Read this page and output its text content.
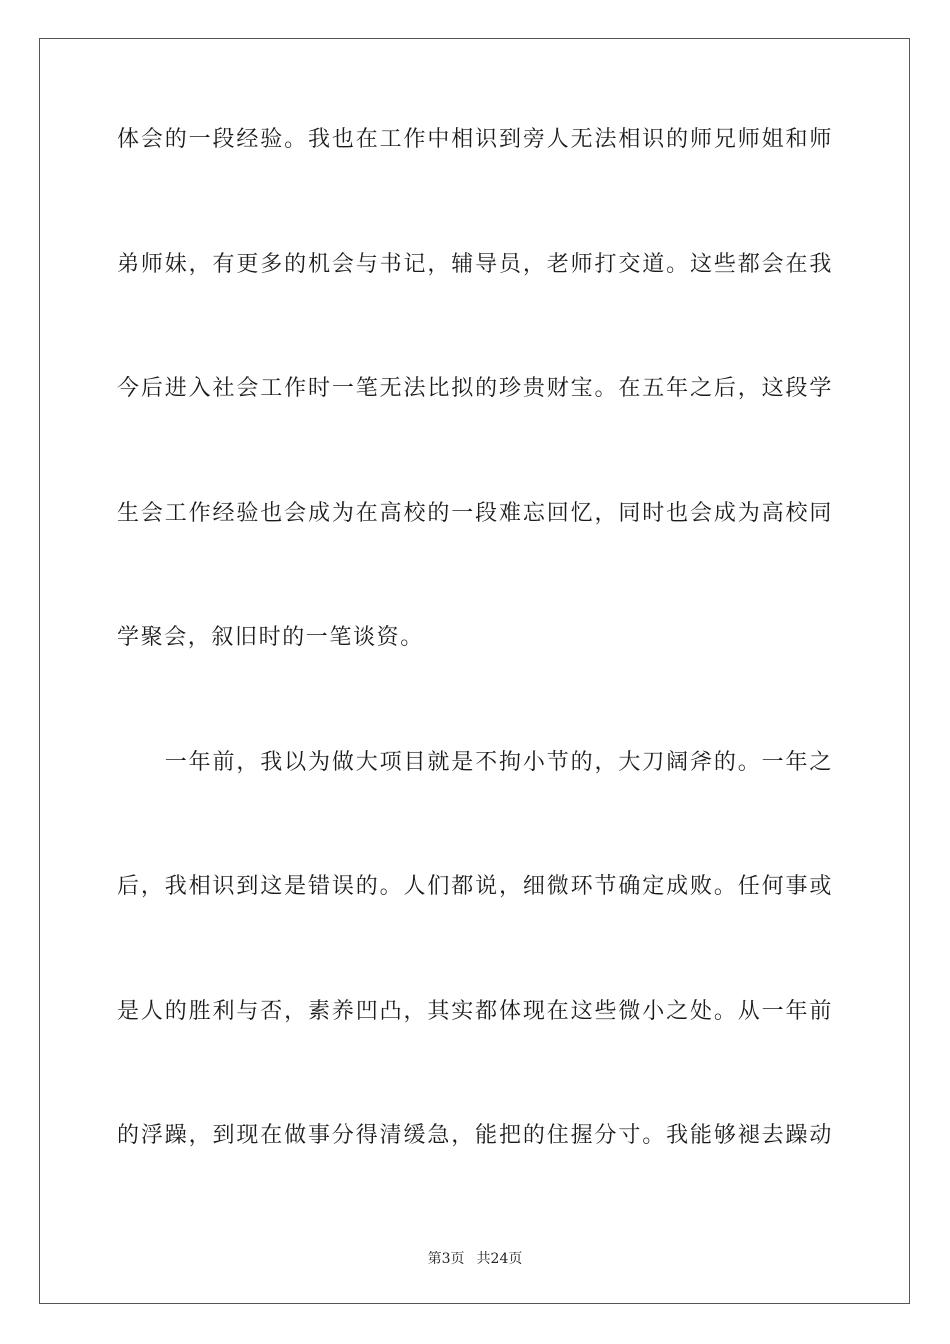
体会的一段经验。我也在工作中相识到旁人无法相识的师兄师姐和师
弟师妹，有更多的机会与书记，辅导员，老师打交道。这些都会在我
今后进入社会工作时一笔无法比拟的珍贵财宝。在五年之后，这段学
生会工作经验也会成为在高校的一段难忘回忆，同时也会成为高校同
学聚会，叙旧时的一笔谈资。
　　一年前，我以为做大项目就是不拘小节的，大刀阔斧的。一年之
后，我相识到这是错误的。人们都说，细微环节确定成败。任何事或
是人的胜利与否，素养凹凸，其实都体现在这些微小之处。从一年前
的浮躁，到现在做事分得清缓急，能把的住握分寸。我能够褪去躁动
第3页 共24页
